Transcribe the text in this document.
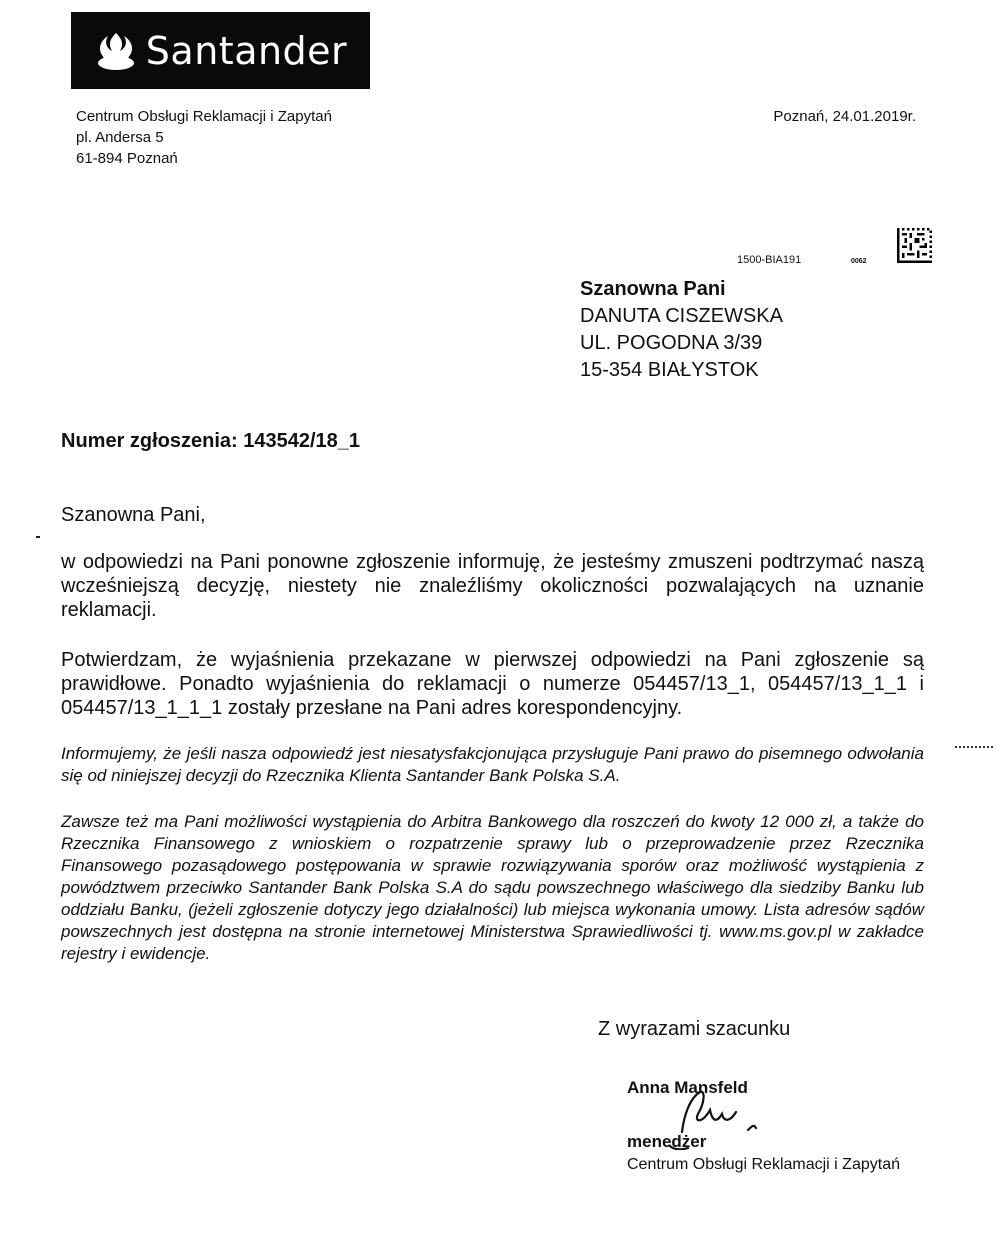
Santander
Centrum Obsługi Reklamacji i Zapytań
pl. Andersa 5
61-894 Poznań
Poznań, 24.01.2019r.
1500-BIA191	0062
Szanowna Pani
DANUTA CISZEWSKA
UL. POGODNA 3/39
15-354 BIAŁYSTOK
Numer zgłoszenia: 143542/18_1
Szanowna Pani,
w odpowiedzi na Pani ponowne zgłoszenie informuję, że jesteśmy zmuszeni podtrzymać naszą wcześniejszą decyzję, niestety nie znaleźliśmy okoliczności pozwalających na uznanie reklamacji.
Potwierdzam, że wyjaśnienia przekazane w pierwszej odpowiedzi na Pani zgłoszenie są prawidłowe. Ponadto wyjaśnienia do reklamacji o numerze 054457/13_1, 054457/13_1_1 i 054457/13_1_1_1 zostały przesłane na Pani adres korespondencyjny.
Informujemy, że jeśli nasza odpowiedź jest niesatysfakcjonująca przysługuje Pani prawo do pisemnego odwołania się od niniejszej decyzji do Rzecznika Klienta Santander Bank Polska S.A.
Zawsze też ma Pani możliwości wystąpienia do Arbitra Bankowego dla roszczeń do kwoty 12 000 zł, a także do Rzecznika Finansowego z wnioskiem o rozpatrzenie sprawy lub o przeprowadzenie przez Rzecznika Finansowego pozasądowego postępowania w sprawie rozwiązywania sporów oraz możliwość wystąpienia z powództwem przeciwko Santander Bank Polska S.A do sądu powszechnego właściwego dla siedziby Banku lub oddziału Banku, (jeżeli zgłoszenie dotyczy jego działalności) lub miejsca wykonania umowy. Lista adresów sądów powszechnych jest dostępna na stronie internetowej Ministerstwa Sprawiedliwości tj. www.ms.gov.pl w zakładce rejestry i ewidencje.
Z wyrazami szacunku
Anna Mansfeld
menedżer
Centrum Obsługi Reklamacji i Zapytań
